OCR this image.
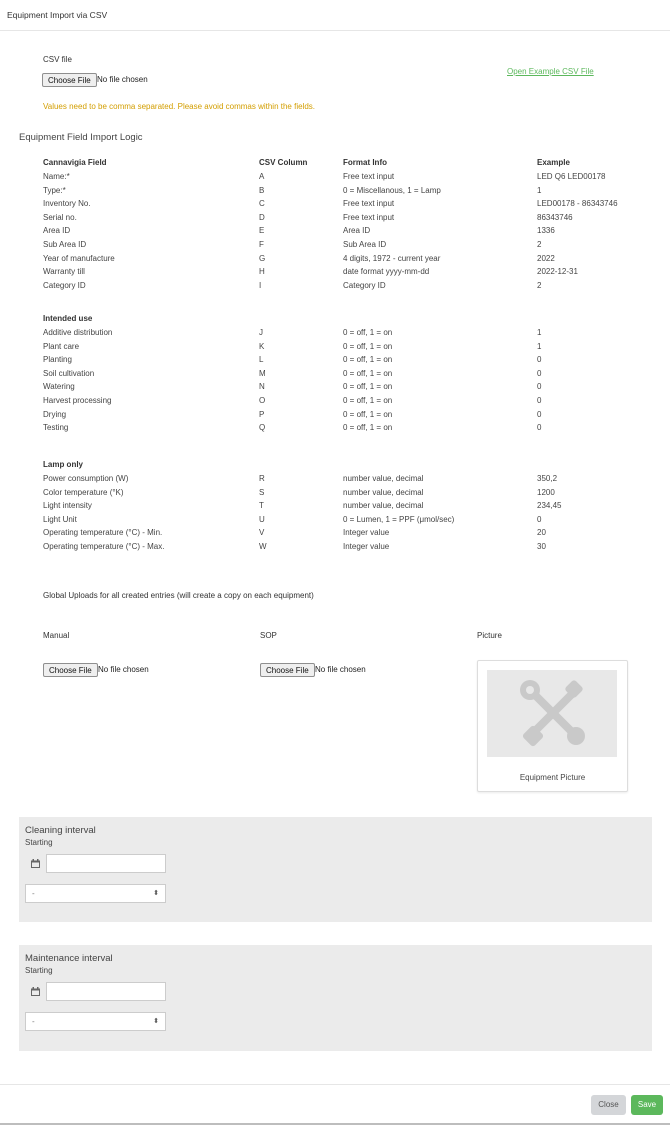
Equipment Import via CSV
CSV file
Choose File No file chosen
Open Example CSV File
Values need to be comma separated. Please avoid commas within the fields.
Equipment Field Import Logic
Cannavigia Field	CSV Column	Format Info	Example
Name:*	A	Free text input	LED Q6 LED00178
Type:*	B	0 = Miscellanous, 1 = Lamp	1
Inventory No.	C	Free text input	LED00178 - 86343746
Serial no.	D	Free text input	86343746
Area ID	E	Area ID	1336
Sub Area ID	F	Sub Area ID	2
Year of manufacture	G	4 digits, 1972 - current year	2022
Warranty till	H	date format yyyy-mm-dd	2022-12-31
Category ID	I	Category ID	2
Intended use
Additive distribution	J	0 = off, 1 = on	1
Plant care	K	0 = off, 1 = on	1
Planting	L	0 = off, 1 = on	0
Soil cultivation	M	0 = off, 1 = on	0
Watering	N	0 = off, 1 = on	0
Harvest processing	O	0 = off, 1 = on	0
Drying	P	0 = off, 1 = on	0
Testing	Q	0 = off, 1 = on	0
Lamp only
Power consumption (W)	R	number value, decimal	350,2
Color temperature (°K)	S	number value, decimal	1200
Light intensity	T	number value, decimal	234,45
Light Unit	U	0 = Lumen, 1 = PPF (μmol/sec)	0
Operating temperature (°C) - Min.	V	Integer value	20
Operating temperature (°C) - Max.	W	Integer value	30
Global Uploads for all created entries (will create a copy on each equipment)
Manual	SOP	Picture
Choose File No file chosen	Choose File No file chosen
Equipment Picture
Cleaning interval
Starting
-	⬍
Maintenance interval
Starting
-	⬍
Close	Save
